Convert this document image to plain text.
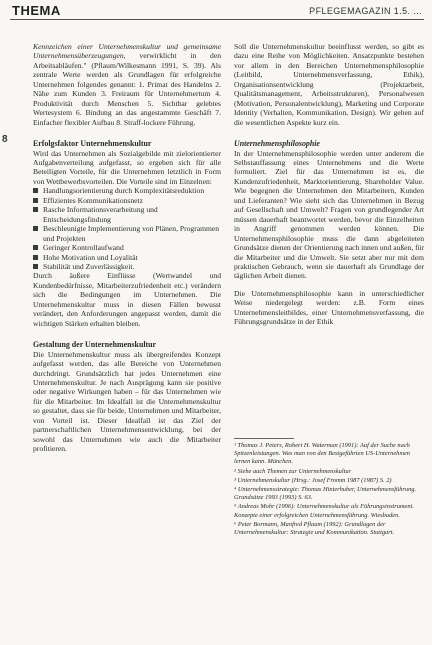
THEMA	PFLEGEMAGAZIN 1.5. ...
8

Kennzeichen einer Unternehmenskultur und gemeinsame Unternehmensüberzeugungen, verwirklicht in den Arbeitsabläufen." (Pflaum/Wilkesmann 1991, S. 39). Als zentrale Werte werden als Grundlagen für erfolgreiche Unternehmen folgendes genannt: 1. Primat des Handelns 2. Nähe zum Kunden 3. Freiraum für Unternehmertum 4. Produktivität durch Menschen 5. Sichtbar gelebtes Wertesystem 6. Bindung an das angestammte Geschäft 7. Einfacher flexibler Aufbau 8. Straff-lockere Führung.

Erfolgsfaktor Unternehmenskultur

Wird das Unternehmen als Sozialgebilde mit zielorientierter Aufgabenverteilung aufgefasst, so ergeben sich für alle Beteiligten Vorteile, für die Unternehmen letztlich in Form von Wettbewerbsvorteilen. Die Vorteile sind im Einzelnen:

Handlungsorientierung durch Komplexitätsreduktion

Effizientes Kommunikationsnetz

Rasche Informationsverarbeitung und Entscheidungsfindung

Beschleunigte Implementierung von Plänen, Programmen und Projekten

Geringer Kontrollaufwand

Hohe Motivation und Loyalität

Stabilität und Zuverlässigkeit.

Durch äußere Einflüsse (Wertwandel und Kundenbedürfnisse, Mitarbeiterzufriedenheit etc.) verändern sich die Bedingungen im Unternehmen. Die Unternehmenskultur muss in diesen Fällen bewusst verändert, den Anforderungen angepasst werden, damit die wichtigen Stärken erhalten bleiben.

Gestaltung der Unternehmenskultur

Die Unternehmenskultur muss als übergreifendes Konzept aufgefasst werden, das alle Bereiche von Unternehmen durchdringt. Grundsätzlich hat jedes Unternehmen eine Unternehmenskultur. Je nach Ausprägung kann sie positive oder negative Wirkungen haben – für das Unternehmen wie für die Mitarbeiter. Im Idealfall ist die Unternehmenskultur so gestaltet, dass sie für beide, Unternehmen und Mitarbeiter, von Vorteil ist. Dieser Idealfall ist das Ziel der partnerschaftlichen Unternehmensentwicklung, bei der sowohl das Unternehmen wie auch die Mitarbeiter profitieren.

Soll die Unternehmenskultur beeinflusst werden, so gibt es dazu eine Reihe von Möglichkeiten. Ansatzpunkte bestehen vor allem in den Bereichen Unternehmensphilosophie (Leitbild, Unternehmensverfassung, Ethik), Organisationsentwicklung (Projektarbeit, Qualitätsmanagement, Arbeitsstrukturen), Personalwesen (Motivation, Personalentwicklung), Marketing und Corporate Identity (Verhalten, Kommunikation, Design). Wir gehen auf die wesentlichen Aspekte kurz ein.

Unternehmensphilosophie

In der Unternehmensphilosophie werden unter anderem die Selbstauffassung eines Unternehmens und die Werte formuliert. Ziel für das Unternehmen ist es, die Kundenzufriedenheit, Marktorientierung, Shareholder Value. Wie begegnen die Unternehmen den Mitarbeitern, Kunden und Lieferanten? Wie sieht sich das Unternehmen in Bezug auf Gesellschaft und Umwelt? Fragen von grundlegender Art müssen dauerhaft beantwortet werden, bevor die Einzelheiten in Angriff genommen werden können. Die Unternehmensphilosophie muss die dann abgeleiteten Grundsätze dienen der Orientierung nach innen und außen, für die Mitarbeiter und die Umwelt. Sie setzt aber nur mit dem praktischen Gebrauch, wenn sie dauerhaft als Grundlage der täglichen Arbeit dienen.

Die Unternehmensphilosophie kann in unterschiedlicher Weise niedergelegt werden: z.B. Form eines Unternehmensleitbildes, einer Unternehmensverfassung, die Führungsgrundsätze in der Ethik

¹ Thomas J. Peters, Robert H. Waterman (1991): Auf der Suche nach Spitzenleistungen. Was man von den Bestgeführten US-Unternehmen lernen kann. München.

² Siehe auch Themen zur Unternehmenskultur

³ Unternehmenskultur (Hrsg.: Josef Fromm 1987 (1987) S. 2)

⁴ Unternehmensstrategie: Thomas Hinterhuber, Unternehmensführung. Grundsätze 1993 (1993) S. 63.

⁵ Andreas Mohr (1996): Unternehmenskultur als Führungsinstrument. Konzepte einer erfolgreichen Unternehmensführung. Wiesbaden.

⁶ Peter Bormann, Manfred Pflaum (1992): Grundlagen der Unternehmenskultur: Strategie und Kommunikation. Stuttgart.
